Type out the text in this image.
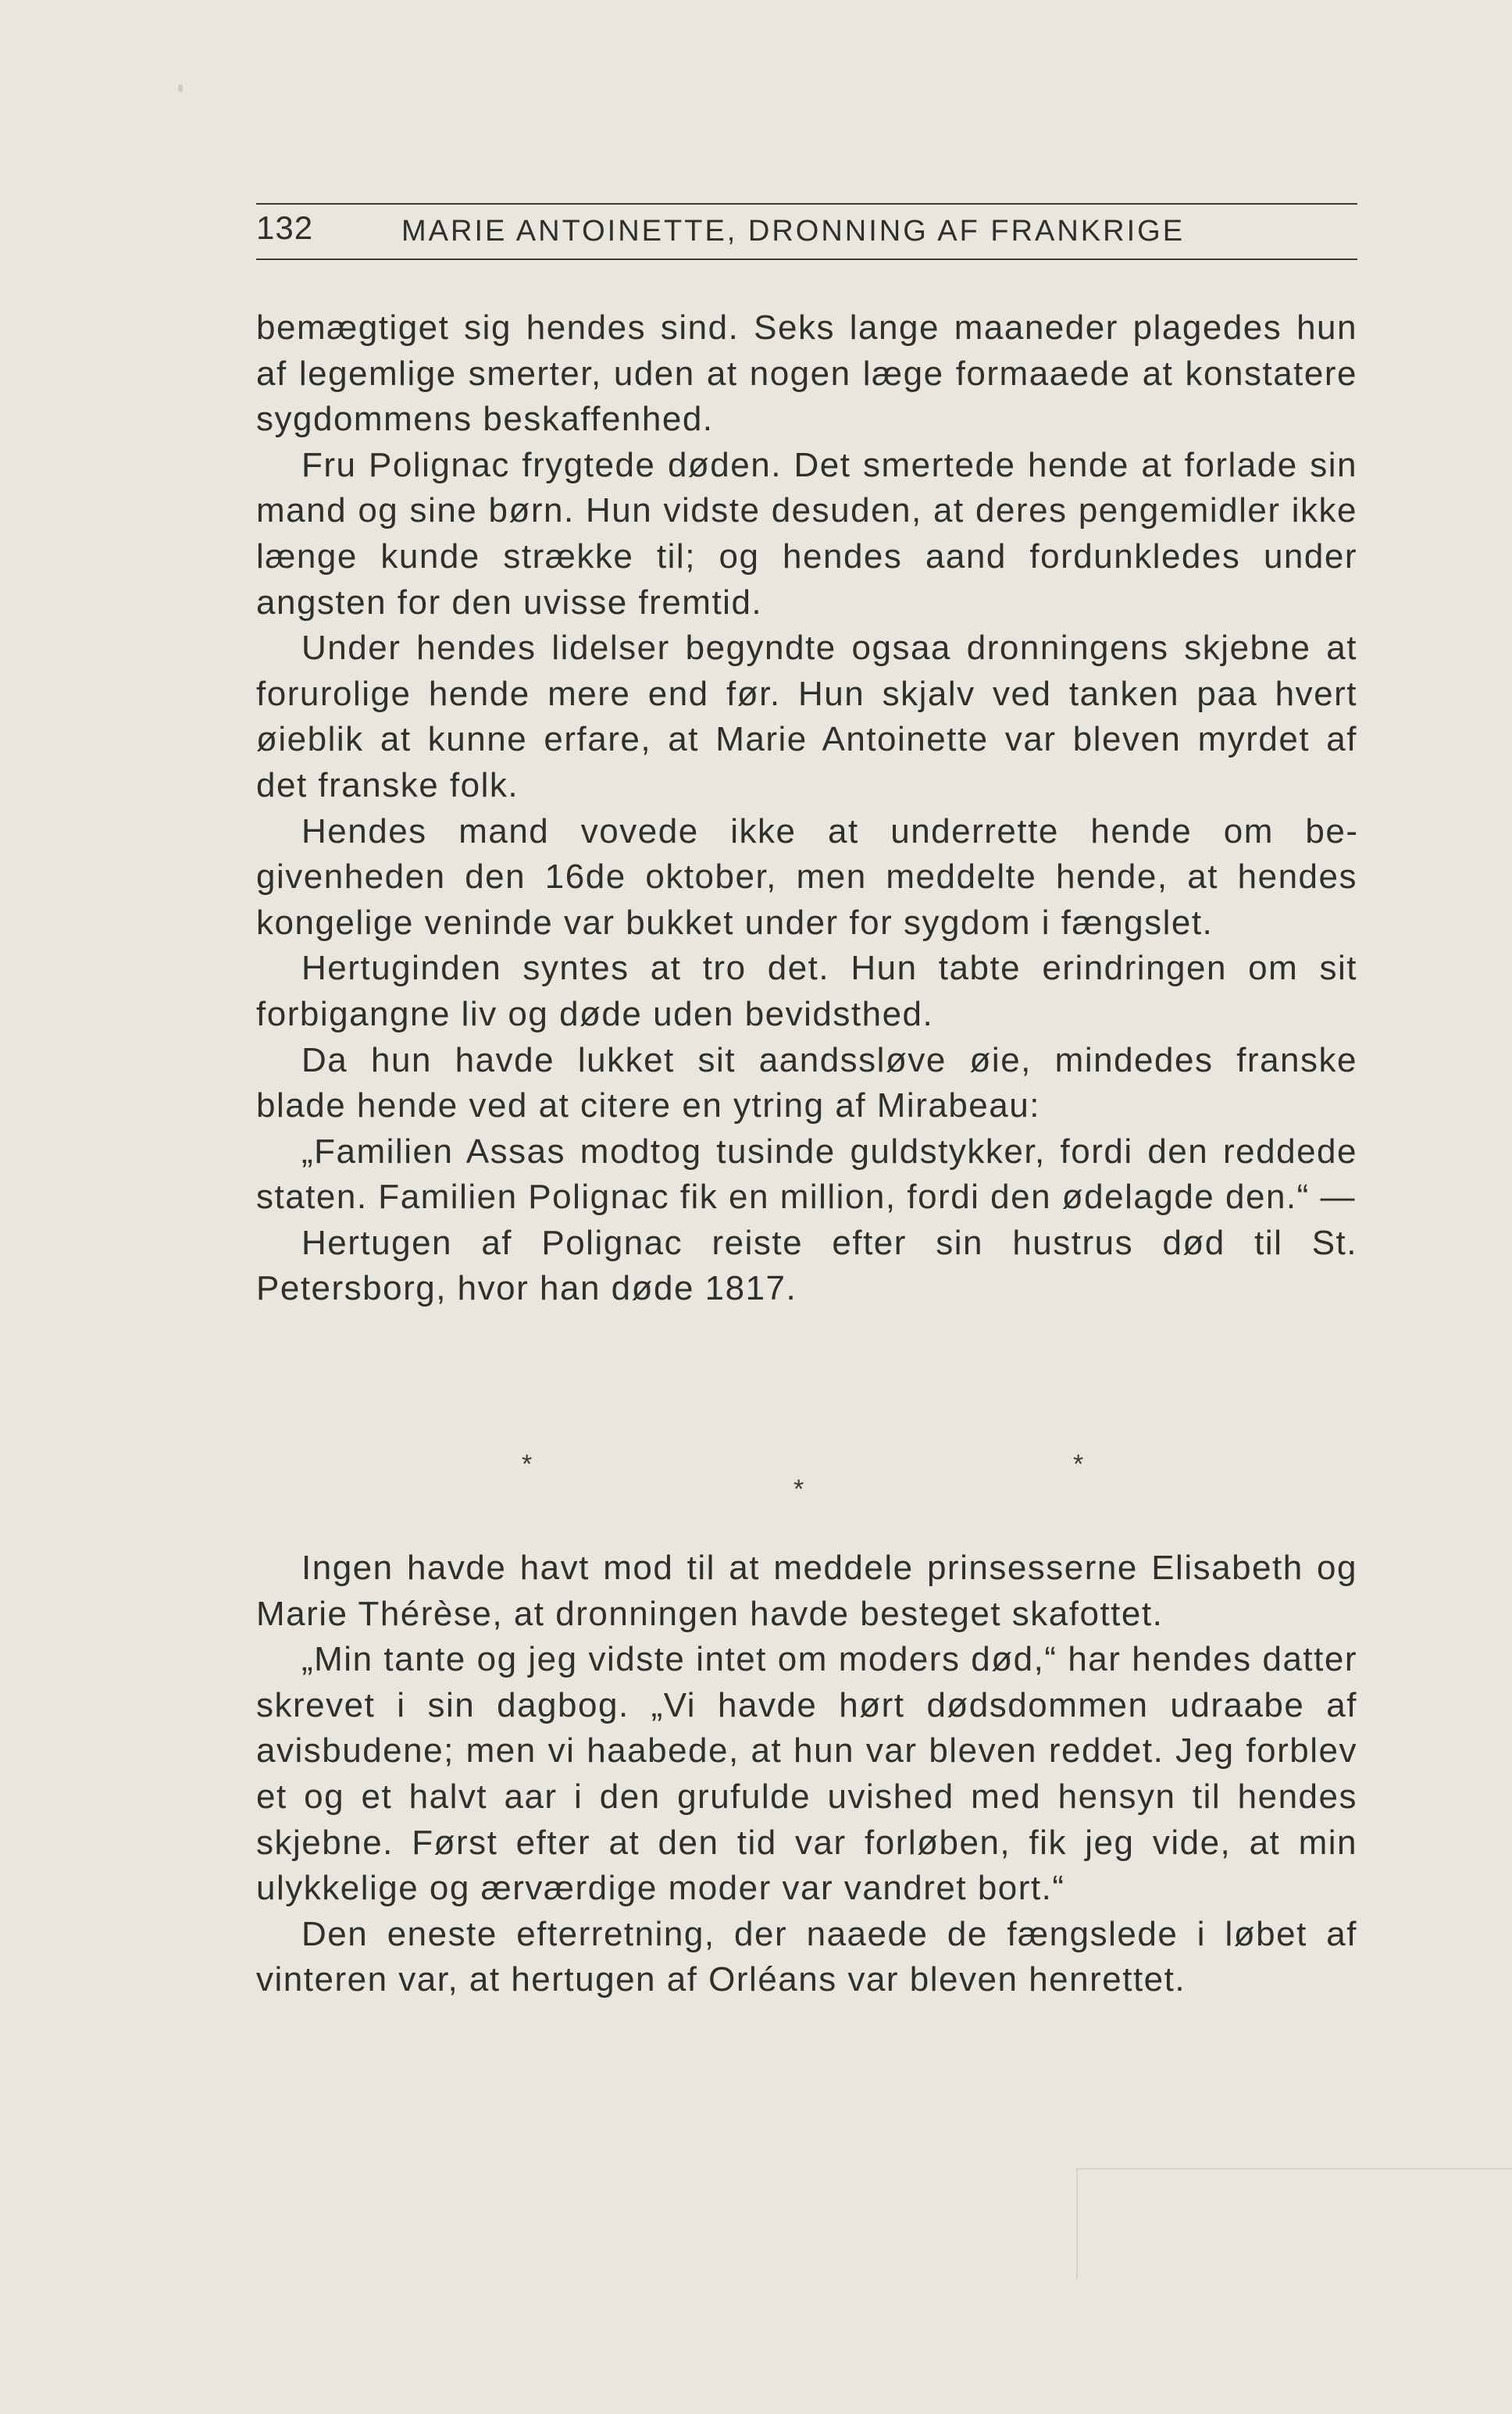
132	MARIE ANTOINETTE, DRONNING AF FRANKRIGE

bemægtiget sig hendes sind. Seks lange maaneder plagedes hun af legemlige smerter, uden at nogen læge formaaede at konstatere sygdommens beskaffenhed.

Fru Polignac frygtede døden. Det smertede hende at forlade sin mand og sine børn. Hun vidste desuden, at deres pengemidler ikke længe kunde strække til; og hendes aand fordunkledes under angsten for den uvisse fremtid.

Under hendes lidelser begyndte ogsaa dronningens skjebne at forurolige hende mere end før. Hun skjalv ved tanken paa hvert øieblik at kunne erfare, at Marie Antoinette var bleven myrdet af det franske folk.

Hendes mand vovede ikke at underrette hende om begivenheden den 16de oktober, men meddelte hende, at hendes kongelige veninde var bukket under for sygdom i fængslet.

Hertuginden syntes at tro det. Hun tabte erindringen om sit forbigangne liv og døde uden bevidsthed.

Da hun havde lukket sit aandssløve øie, mindedes franske blade hende ved at citere en ytring af Mirabeau:

„Familien Assas modtog tusinde guldstykker, fordi den reddede staten. Familien Polignac fik en million, fordi den ødelagde den.“ —

Hertugen af Polignac reiste efter sin hustrus død til St. Petersborg, hvor han døde 1817.

*	*
*

Ingen havde havt mod til at meddele prinsesserne Elisabeth og Marie Thérèse, at dronningen havde besteget skafottet.

„Min tante og jeg vidste intet om moders død,“ har hendes datter skrevet i sin dagbog. „Vi havde hørt dødsdommen udraabe af avisbudene; men vi haabede, at hun var bleven reddet. Jeg forblev et og et halvt aar i den grufulde uvished med hensyn til hendes skjebne. Først efter at den tid var forløben, fik jeg vide, at min ulykkelige og ærværdige moder var vandret bort.“

Den eneste efterretning, der naaede de fængslede i løbet af vinteren var, at hertugen af Orléans var bleven henrettet.
